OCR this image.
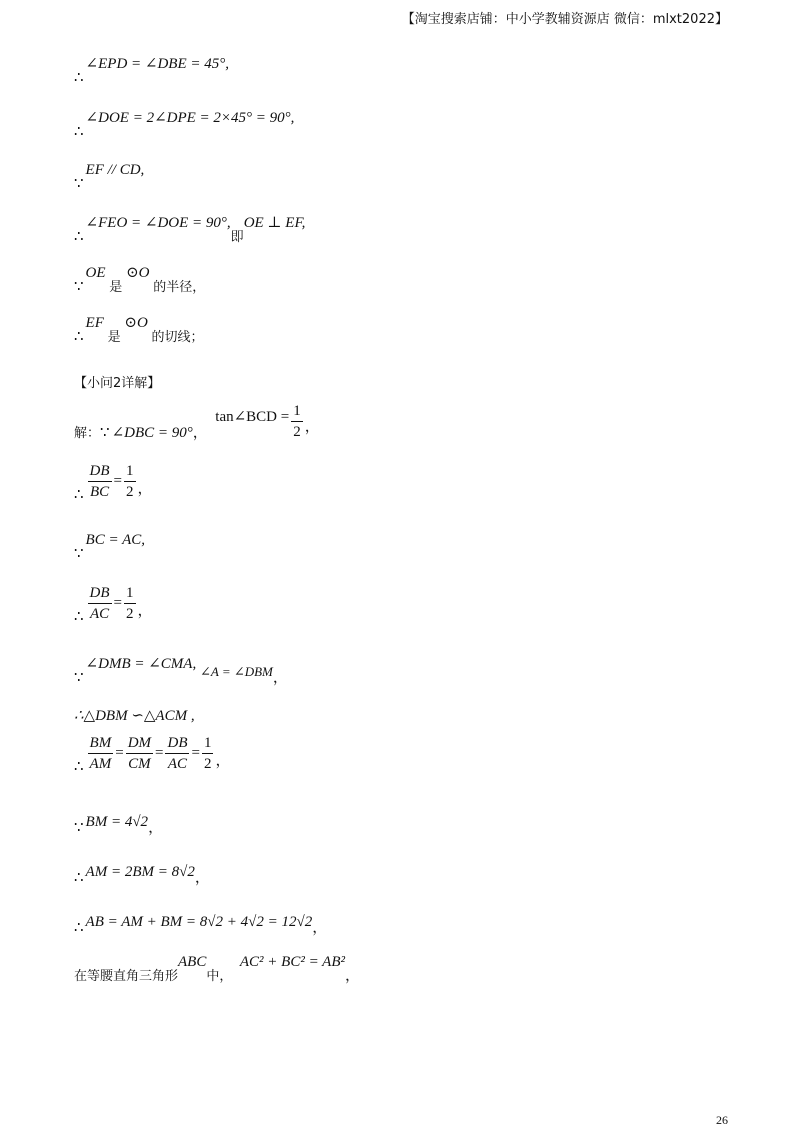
【淘宝搜索店铺：中小学教辅资源店 微信：mlxt2022】
∴∠EPD = ∠DBE = 45°,
∴∠DOE = 2∠DPE = 2×45° = 90°,
∵EF // CD,
∴∠FEO = ∠DOE = 90°,即OE ⊥ EF,
∵OE 是 ⊙O 的半径，
∴EF 是 ⊙O 的切线；
【小问2详解】
解：∵ ∠DBC = 90°，  tan∠BCD = $\frac{1}{2}$ ，
∴ $\frac{DB}{BC} = \frac{1}{2}$ ，
∵BC = AC,
∴ $\frac{DB}{AC} = \frac{1}{2}$ ，
∵∠DMB = ∠CMA, ∠A = ∠DBM，
∴△DBM ∽△ACM ,
∴ $\frac{BM}{AM} = \frac{DM}{CM} = \frac{DB}{AC} = \frac{1}{2}$ ，
∵ BM = 4√2，
∴ AM = 2BM = 8√2，
∴ AB = AM + BM = 8√2 + 4√2 = 12√2，
在等腰直角三角形ABC中，  AC² + BC² = AB²，
26
